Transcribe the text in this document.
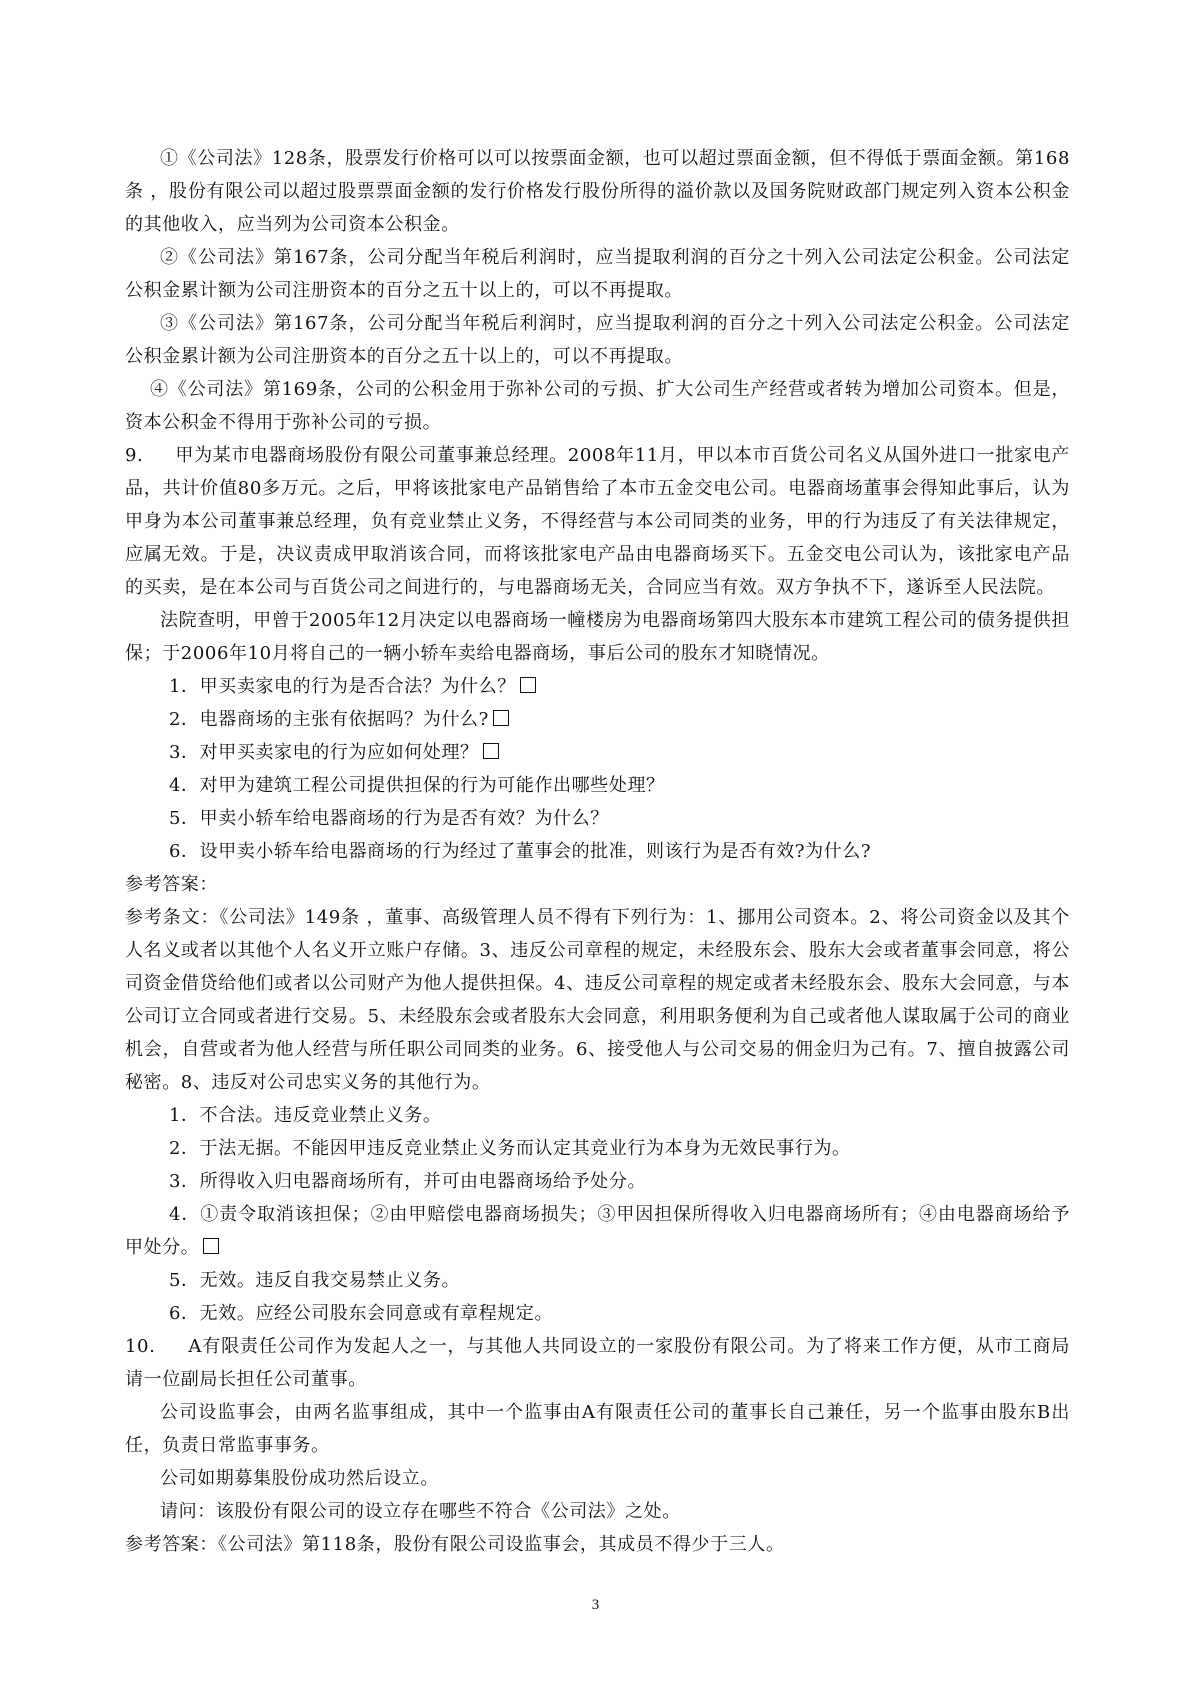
①《公司法》128条，股票发行价格可以可以按票面金额，也可以超过票面金额，但不得低于票面金额。第168条 ，股份有限公司以超过股票票面金额的发行价格发行股份所得的溢价款以及国务院财政部门规定列入资本公积金的其他收入，应当列为公司资本公积金。

②《公司法》第167条，公司分配当年税后利润时，应当提取利润的百分之十列入公司法定公积金。公司法定公积金累计额为公司注册资本的百分之五十以上的，可以不再提取。

③《公司法》第167条，公司分配当年税后利润时，应当提取利润的百分之十列入公司法定公积金。公司法定公积金累计额为公司注册资本的百分之五十以上的，可以不再提取。

④《公司法》第169条，公司的公积金用于弥补公司的亏损、扩大公司生产经营或者转为增加公司资本。但是，资本公积金不得用于弥补公司的亏损。

9.     甲为某市电器商场股份有限公司董事兼总经理。2008年11月，甲以本市百货公司名义从国外进口一批家电产品，共计价值80多万元。之后，甲将该批家电产品销售给了本市五金交电公司。电器商场董事会得知此事后，认为甲身为本公司董事兼总经理，负有竞业禁止义务，不得经营与本公司同类的业务，甲的行为违反了有关法律规定，应属无效。于是，决议责成甲取消该合同，而将该批家电产品由电器商场买下。五金交电公司认为，该批家电产品的买卖，是在本公司与百货公司之间进行的，与电器商场无关，合同应当有效。双方争执不下，遂诉至人民法院。

法院查明，甲曾于2005年12月决定以电器商场一幢楼房为电器商场第四大股东本市建筑工程公司的债务提供担保；于2006年10月将自己的一辆小轿车卖给电器商场，事后公司的股东才知晓情况。

1．甲买卖家电的行为是否合法？为什么？

2．电器商场的主张有依据吗？为什么?

3．对甲买卖家电的行为应如何处理？

4．对甲为建筑工程公司提供担保的行为可能作出哪些处理？

5．甲卖小轿车给电器商场的行为是否有效？为什么？

6．设甲卖小轿车给电器商场的行为经过了董事会的批准，则该行为是否有效?为什么?

参考答案：

参考条文：《公司法》149条 ，董事、高级管理人员不得有下列行为：1、挪用公司资本。2、将公司资金以及其个人名义或者以其他个人名义开立账户存储。3、违反公司章程的规定，未经股东会、股东大会或者董事会同意，将公司资金借贷给他们或者以公司财产为他人提供担保。4、违反公司章程的规定或者未经股东会、股东大会同意，与本公司订立合同或者进行交易。5、未经股东会或者股东大会同意，利用职务便利为自己或者他人谋取属于公司的商业机会，自营或者为他人经营与所任职公司同类的业务。6、接受他人与公司交易的佣金归为己有。7、擅自披露公司秘密。8、违反对公司忠实义务的其他行为。

1．不合法。违反竞业禁止义务。

2．于法无据。不能因甲违反竞业禁止义务而认定其竞业行为本身为无效民事行为。

3．所得收入归电器商场所有，并可由电器商场给予处分。

4．①责令取消该担保；②由甲赔偿电器商场损失；③甲因担保所得收入归电器商场所有；④由电器商场给予甲处分。

5．无效。违反自我交易禁止义务。

6．无效。应经公司股东会同意或有章程规定。

10.     A有限责任公司作为发起人之一，与其他人共同设立的一家股份有限公司。为了将来工作方便，从市工商局请一位副局长担任公司董事。

公司设监事会，由两名监事组成，其中一个监事由A有限责任公司的董事长自己兼任，另一个监事由股东B出任，负责日常监事事务。

公司如期募集股份成功然后设立。

请问：该股份有限公司的设立存在哪些不符合《公司法》之处。

参考答案：《公司法》第118条，股份有限公司设监事会，其成员不得少于三人。

3
